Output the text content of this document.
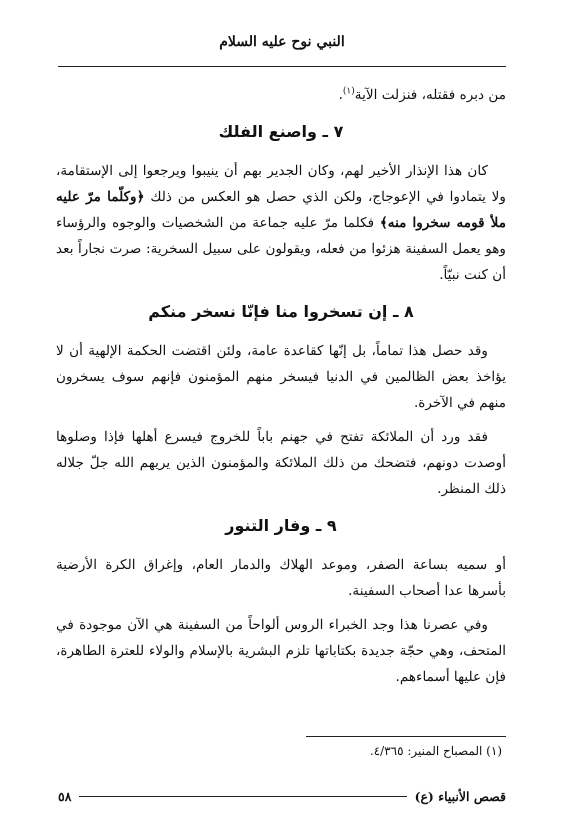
النبي نوح عليه السلام

من دبره فقتله، فنزلت الآية$^{(١)}$.

٧ ـ واصنع الفلك

كان هذا الإنذار الأخير لهم، وكان الجدير بهم أن ينيبوا ويرجعوا إلى الإستقامة، ولا يتمادوا في الإعوجاج، ولكن الذي حصل هو العكس من ذلك ﴿وكلّما مرّ عليه ملأ قومه سخروا منه﴾ فكلما مرّ عليه جماعة من الشخصيات والوجوه والرؤساء وهو يعمل السفينة هزئوا من فعله، ويقولون على سبيل السخرية: صرت نجاراً بعد أن كنت نبيّاً.

٨ ـ إن تسخروا منا فإنّا نسخر منكم

وقد حصل هذا تماماً، بل إنّها كقاعدة عامة، ولئن اقتضت الحكمة الإلهية أن لا يؤاخذ بعض الظالمين في الدنيا فيسخر منهم المؤمنون فإنهم سوف يسخرون منهم في الآخرة.

فقد ورد أن الملائكة تفتح في جهنم باباً للخروج فيسرع أهلها فإذا وصلوها أوصدت دونهم، فتضحك من ذلك الملائكة والمؤمنون الذين يريهم الله جلّ جلاله ذلك المنظر.

٩ ـ وفار التنور

أو سميه بساعة الصفر، وموعد الهلاك والدمار العام، وإغراق الكرة الأرضية بأسرها عدا أصحاب السفينة.

وفي عصرنا هذا وجد الخبراء الروس ألواحاً من السفينة هي الآن موجودة في المتحف، وهي حجّة جديدة بكتاباتها تلزم البشرية بالإسلام والولاء للعترة الطاهرة، فإن عليها أسماءهم.

(١) المصباح المنير: ٤/٣٦٥.
قصص الأنبياء (ع)
٥٨
